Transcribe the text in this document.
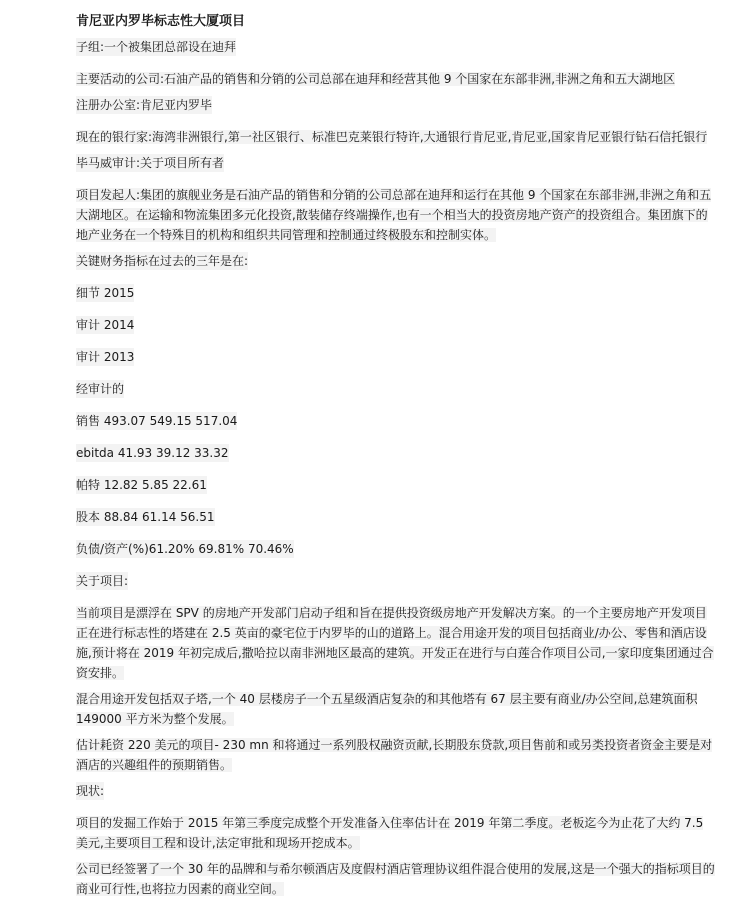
肯尼亚内罗毕标志性大厦项目
子组:一个被集团总部设在迪拜
主要活动的公司:石油产品的销售和分销的公司总部在迪拜和经营其他 9 个国家在东部非洲,非洲之角和五大湖地区
注册办公室:肯尼亚内罗毕
现在的银行家:海湾非洲银行,第一社区银行、标准巴克莱银行特许,大通银行肯尼亚,肯尼亚,国家肯尼亚银行钻石信托银行
毕马威审计:关于项目所有者
项目发起人:集团的旗舰业务是石油产品的销售和分销的公司总部在迪拜和运行在其他 9 个国家在东部非洲,非洲之角和五大湖地区。在运输和物流集团多元化投资,散装储存终端操作,也有一个相当大的投资房地产资产的投资组合。集团旗下的地产业务在一个特殊目的机构和组织共同管理和控制通过终极股东和控制实体。
关键财务指标在过去的三年是在:
细节 2015
审计 2014
审计 2013
经审计的
销售 493.07 549.15 517.04
ebitda 41.93 39.12 33.32
帕特 12.82 5.85 22.61
股本 88.84 61.14 56.51
负债/资产(%)61.20% 69.81% 70.46%
关于项目:
当前项目是漂浮在 SPV 的房地产开发部门启动子组和旨在提供投资级房地产开发解决方案。的一个主要房地产开发项目正在进行标志性的塔建在 2.5 英亩的豪宅位于内罗毕的山的道路上。混合用途开发的项目包括商业/办公、零售和酒店设施,预计将在 2019 年初完成后,撒哈拉以南非洲地区最高的建筑。开发正在进行与白莲合作项目公司,一家印度集团通过合资安排。
混合用途开发包括双子塔,一个 40 层楼房子一个五星级酒店复杂的和其他塔有 67 层主要有商业/办公空间,总建筑面积 149000 平方米为整个发展。
估计耗资 220 美元的项目- 230 mn 和将通过一系列股权融资贡献,长期股东贷款,项目售前和或另类投资者资金主要是对酒店的兴趣组件的预期销售。
现状:
项目的发掘工作始于 2015 年第三季度完成整个开发准备入住率估计在 2019 年第二季度。老板迄今为止花了大约 7.5 美元,主要项目工程和设计,法定审批和现场开挖成本。
公司已经签署了一个 30 年的品牌和与希尔顿酒店及度假村酒店管理协议组件混合使用的发展,这是一个强大的指标项目的商业可行性,也将拉力因素的商业空间。
